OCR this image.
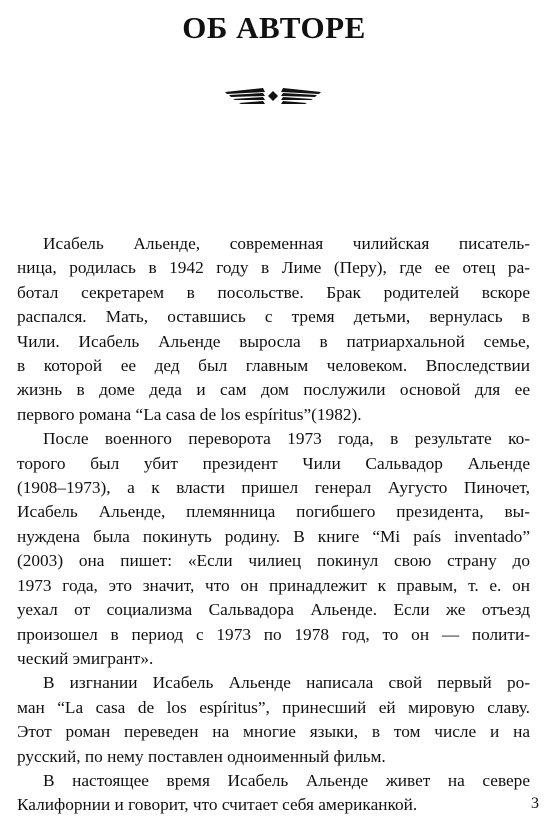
ОБ АВТОРЕ

Исабель Альенде, современная чилийская писатель-

ница, родилась в 1942 году в Лиме (Перу), где ее отец ра-

ботал секретарем в посольстве. Брак родителей вскоре

распался. Мать, оставшись с тремя детьми, вернулась в

Чили. Исабель Альенде выросла в патриархальной семье,

в которой ее дед был главным человеком. Впоследствии

жизнь в доме деда и сам дом послужили основой для ее

первого романа “La casa de los espíritus”(1982).

После военного переворота 1973 года, в результате ко-

торого был убит президент Чили Сальвадор Альенде

(1908–1973), а к власти пришел генерал Аугусто Пиночет,

Исабель Альенде, племянница погибшего президента, вы-

нуждена была покинуть родину. В книге “Mi país inventado”

(2003) она пишет: «Если чилиец покинул свою страну до

1973 года, это значит, что он принадлежит к правым, т. е. он

уехал от социализма Сальвадора Альенде. Если же отъезд

произошел в период с 1973 по 1978 год, то он — полити-

ческий эмигрант».

В изгнании Исабель Альенде написала свой первый ро-

ман “La casa de los espíritus”, принесший ей мировую славу.

Этот роман переведен на многие языки, в том числе и на

русский, по нему поставлен одноименный фильм.

В настоящее время Исабель Альенде живет на севере

Калифорнии и говорит, что считает себя американкой.	3
